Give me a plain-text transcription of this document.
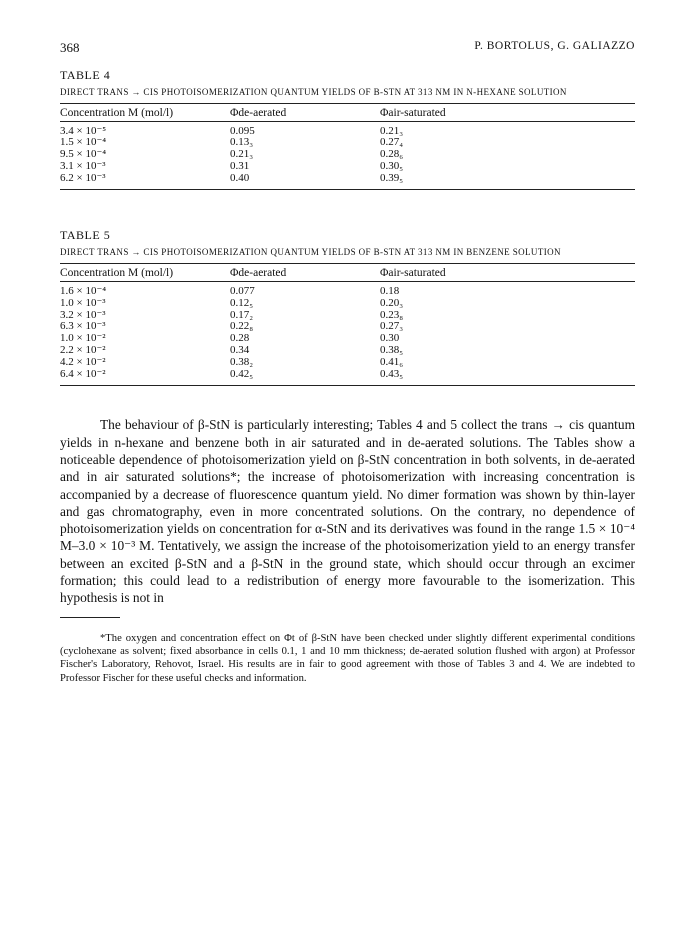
368	P. BORTOLUS, G. GALIAZZO
TABLE 4
DIRECT TRANS → CIS PHOTOISOMERIZATION QUANTUM YIELDS OF Β-STN AT 313 NM IN N-HEXANE SOLUTION
Concentration M (mol/l)	Φde-aerated	Φair-saturated
3.4 × 10⁻⁵	0.095	0.21₃
1.5 × 10⁻⁴	0.13₃	0.27₄
9.5 × 10⁻⁴	0.21₃	0.28₆
3.1 × 10⁻³	0.31	0.30₅
6.2 × 10⁻³	0.40	0.39₅
TABLE 5
DIRECT TRANS → CIS PHOTOISOMERIZATION QUANTUM YIELDS OF Β-STN AT 313 NM IN BENZENE SOLUTION
Concentration M (mol/l)	Φde-aerated	Φair-saturated
1.6 × 10⁻⁴	0.077	0.18
1.0 × 10⁻³	0.12₅	0.20₃
3.2 × 10⁻³	0.17₂	0.23₈
6.3 × 10⁻³	0.22₈	0.27₃
1.0 × 10⁻²	0.28	0.30
2.2 × 10⁻²	0.34	0.38₅
4.2 × 10⁻²	0.38₂	0.41₆
6.4 × 10⁻²	0.42₅	0.43₅

The behaviour of β-StN is particularly interesting; Tables 4 and 5 collect the trans → cis quantum yields in n-hexane and benzene both in air saturated and in de-aerated solutions. The Tables show a noticeable dependence of photoisomerization yield on β-StN concentration in both solvents, in de-aerated and in air saturated solutions*; the increase of photoisomerization with increasing concentration is accompanied by a decrease of fluorescence quantum yield. No dimer formation was shown by thin-layer and gas chromatography, even in more concentrated solutions. On the contrary, no dependence of photoisomerization yields on concentration for α-StN and its derivatives was found in the range 1.5 × 10⁻⁴ M–3.0 × 10⁻³ M. Tentatively, we assign the increase of the photoisomerization yield to an energy transfer between an excited β-StN and a β-StN in the ground state, which should occur through an excimer formation; this could lead to a redistribution of energy more favourable to the isomerization. This hypothesis is not in

*The oxygen and concentration effect on Φt of β-StN have been checked under slightly different experimental conditions (cyclohexane as solvent; fixed absorbance in cells 0.1, 1 and 10 mm thickness; de-aerated solution flushed with argon) at Professor Fischer's Laboratory, Rehovot, Israel. His results are in fair to good agreement with those of Tables 3 and 4. We are indebted to Professor Fischer for these useful checks and information.
